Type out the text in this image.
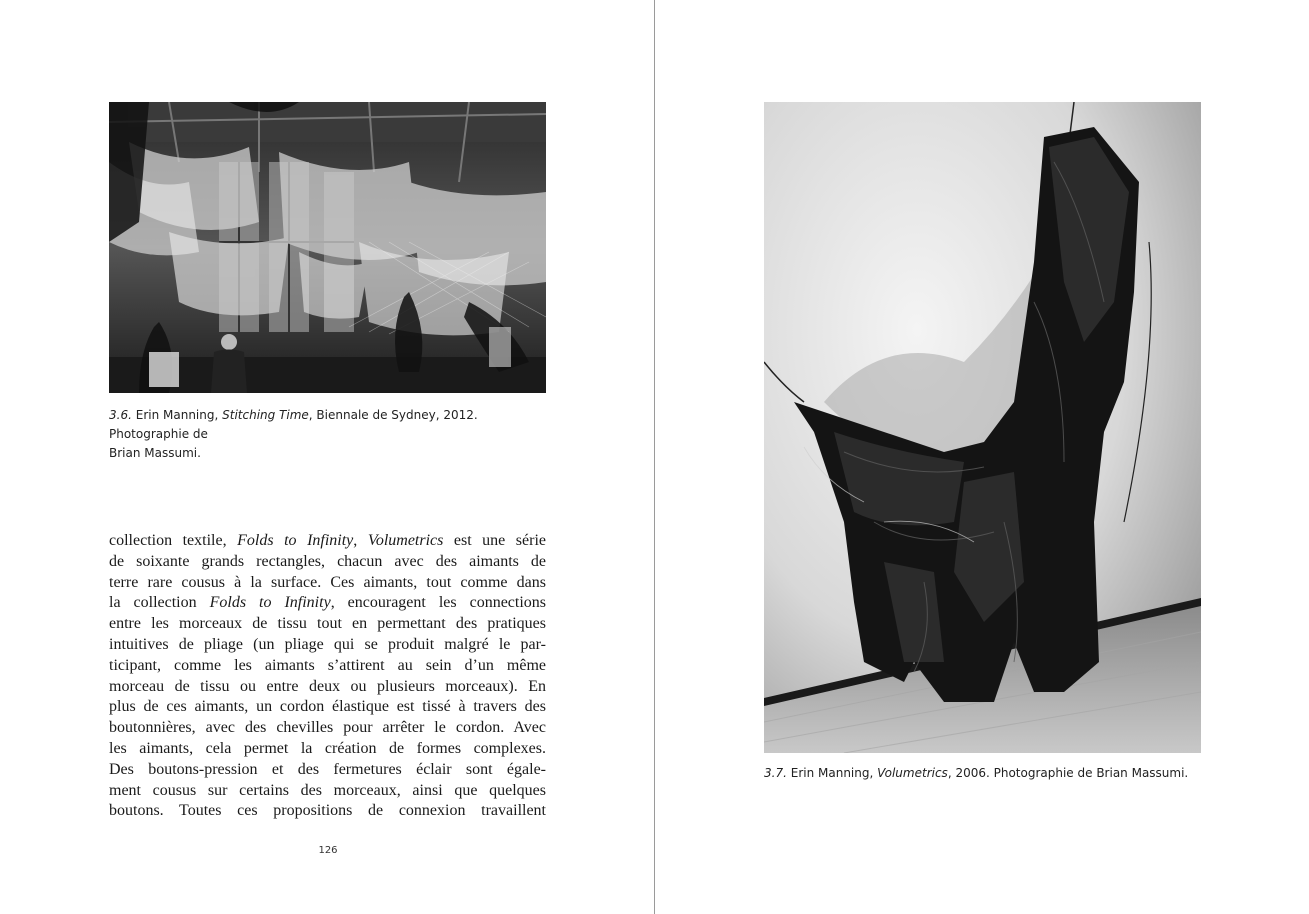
3.6. Erin Manning, Stitching Time, Biennale de Sydney, 2012. Photographie de
Brian Massumi.
collection textile, Folds to Infinity, Volumetrics est une série
de soixante grands rectangles, chacun avec des aimants de
terre rare cousus à la surface. Ces aimants, tout comme dans
la collection Folds to Infinity, encouragent les connections
entre les morceaux de tissu tout en permettant des pratiques
intuitives de pliage (un pliage qui se produit malgré le par-
ticipant, comme les aimants s’attirent au sein d’un même
morceau de tissu ou entre deux ou plusieurs morceaux). En
plus de ces aimants, un cordon élastique est tissé à travers des
boutonnières, avec des chevilles pour arrêter le cordon. Avec
les aimants, cela permet la création de formes complexes.
Des boutons-pression et des fermetures éclair sont égale-
ment cousus sur certains des morceaux, ainsi que quelques
boutons. Toutes ces propositions de connexion travaillent
126
3.7. Erin Manning, Volumetrics, 2006. Photographie de Brian Massumi.
